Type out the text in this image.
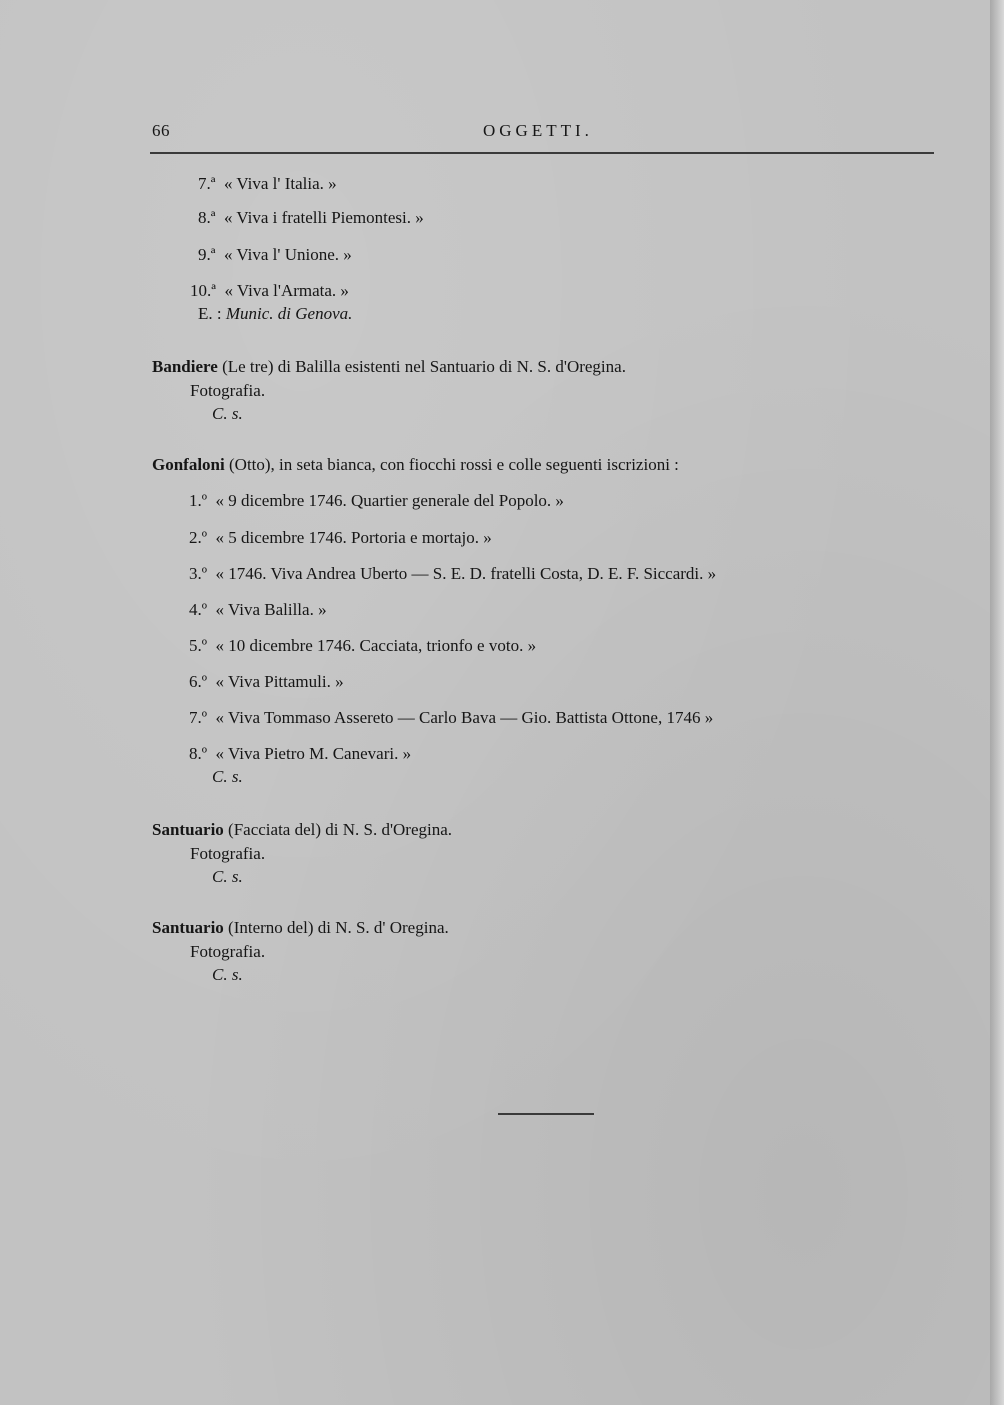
66	OGGETTI.

7.ª « Viva l' Italia. »
8.ª « Viva i fratelli Piemontesi. »
9.ª « Viva l' Unione. »
10.ª « Viva l'Armata. »
E. : Munic. di Genova.
Bandiere (Le tre) di Balilla esistenti nel Santuario di N. S. d'Oregina.
Fotografia.
C. s.
Gonfaloni (Otto), in seta bianca, con fiocchi rossi e colle seguenti iscrizioni :
1.º « 9 dicembre 1746. Quartier generale del Popolo. »
2.º « 5 dicembre 1746. Portoria e mortajo. »
3.º « 1746. Viva Andrea Uberto — S. E. D. fratelli Costa, D. E. F. Siccardi. »
4.º « Viva Balilla. »
5.º « 10 dicembre 1746. Cacciata, trionfo e voto. »
6.º « Viva Pittamuli. »
7.º « Viva Tommaso Assereto — Carlo Bava — Gio. Battista Ottone, 1746 »
8.º « Viva Pietro M. Canevari. »
C. s.
Santuario (Facciata del) di N. S. d'Oregina.
Fotografia.
C. s.
Santuario (Interno del) di N. S. d' Oregina.
Fotografia.
C. s.
